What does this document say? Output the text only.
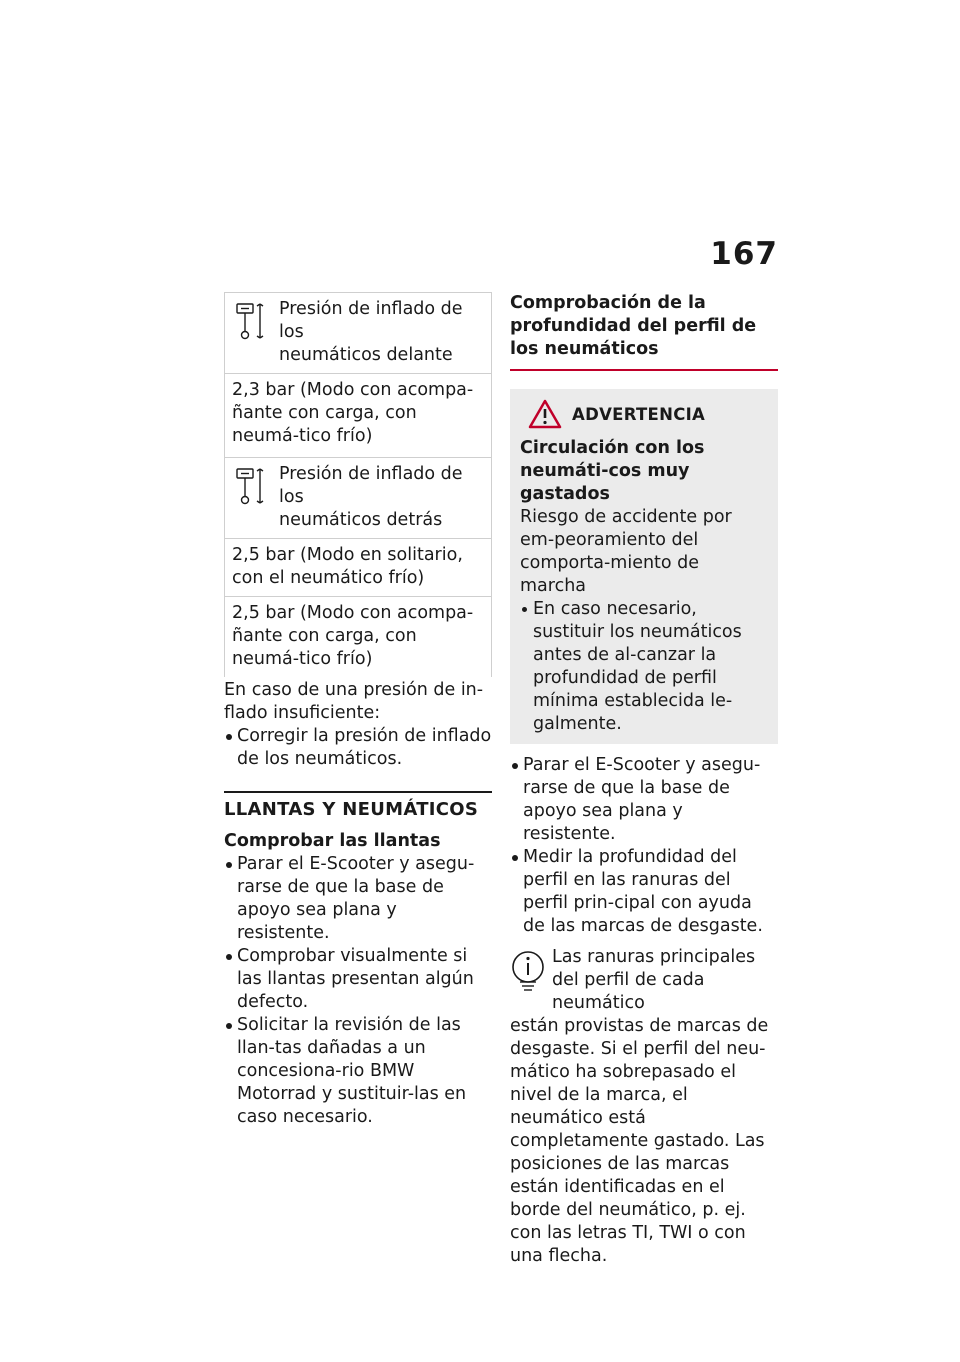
167
Presión de inflado de los
neumáticos delante
2,3 bar (Modo con acompa-ñante con carga, con neumá-tico frío)
Presión de inflado de los
neumáticos detrás
2,5 bar (Modo en solitario, con el neumático frío)
2,5 bar (Modo con acompa-ñante con carga, con neumá-tico frío)
En caso de una presión de in-flado insuficiente:
Corregir la presión de inflado de los neumáticos.
LLANTAS Y NEUMÁTICOS
Comprobar las llantas
Parar el E-Scooter y asegu-rarse de que la base de apoyo sea plana y resistente.
Comprobar visualmente si las llantas presentan algún defecto.
Solicitar la revisión de las llan-tas dañadas a un concesiona-rio BMW Motorrad y sustituir-las en caso necesario.
Comprobación de la profundidad del perfil de los neumáticos
ADVERTENCIA
Circulación con los neumáti-cos muy gastados
Riesgo de accidente por em-peoramiento del comporta-miento de marcha
En caso necesario, sustituir los neumáticos antes de al-canzar la profundidad de perfil mínima establecida le-galmente.
Parar el E-Scooter y asegu-rarse de que la base de apoyo sea plana y resistente.
Medir la profundidad del perfil en las ranuras del perfil prin-cipal con ayuda de las marcas de desgaste.
Las ranuras principales del perfil de cada neumático
están provistas de marcas de desgaste. Si el perfil del neu-mático ha sobrepasado el nivel de la marca, el neumático está completamente gastado. Las posiciones de las marcas están identificadas en el borde del neumático, p. ej. con las letras TI, TWI o con una flecha.
